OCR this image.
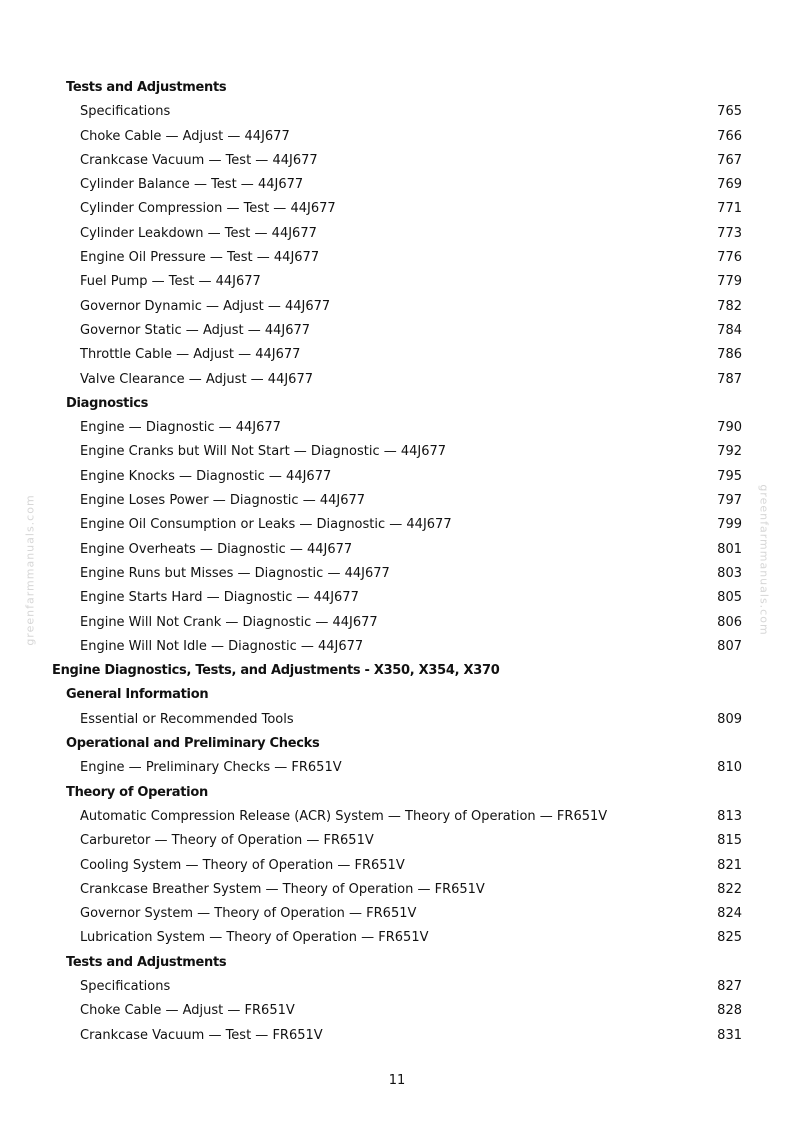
Tests and Adjustments
Specifications	765
Choke Cable — Adjust — 44J677	766
Crankcase Vacuum — Test — 44J677	767
Cylinder Balance — Test — 44J677	769
Cylinder Compression — Test — 44J677	771
Cylinder Leakdown — Test — 44J677	773
Engine Oil Pressure — Test — 44J677	776
Fuel Pump — Test — 44J677	779
Governor Dynamic — Adjust — 44J677	782
Governor Static — Adjust — 44J677	784
Throttle Cable — Adjust — 44J677	786
Valve Clearance — Adjust — 44J677	787
Diagnostics
Engine — Diagnostic — 44J677	790
Engine Cranks but Will Not Start — Diagnostic — 44J677	792
Engine Knocks — Diagnostic — 44J677	795
Engine Loses Power — Diagnostic — 44J677	797
Engine Oil Consumption or Leaks — Diagnostic — 44J677	799
Engine Overheats — Diagnostic — 44J677	801
Engine Runs but Misses — Diagnostic — 44J677	803
Engine Starts Hard — Diagnostic — 44J677	805
Engine Will Not Crank — Diagnostic — 44J677	806
Engine Will Not Idle — Diagnostic — 44J677	807
Engine Diagnostics, Tests, and Adjustments - X350, X354, X370
General Information
Essential or Recommended Tools	809
Operational and Preliminary Checks
Engine — Preliminary Checks — FR651V	810
Theory of Operation
Automatic Compression Release (ACR) System — Theory of Operation — FR651V	813
Carburetor — Theory of Operation — FR651V	815
Cooling System — Theory of Operation — FR651V	821
Crankcase Breather System — Theory of Operation — FR651V	822
Governor System — Theory of Operation — FR651V	824
Lubrication System — Theory of Operation — FR651V	825
Tests and Adjustments
Specifications	827
Choke Cable — Adjust — FR651V	828
Crankcase Vacuum — Test — FR651V	831
greenfarmmanuals.com	greenfarmmanuals.com
11
